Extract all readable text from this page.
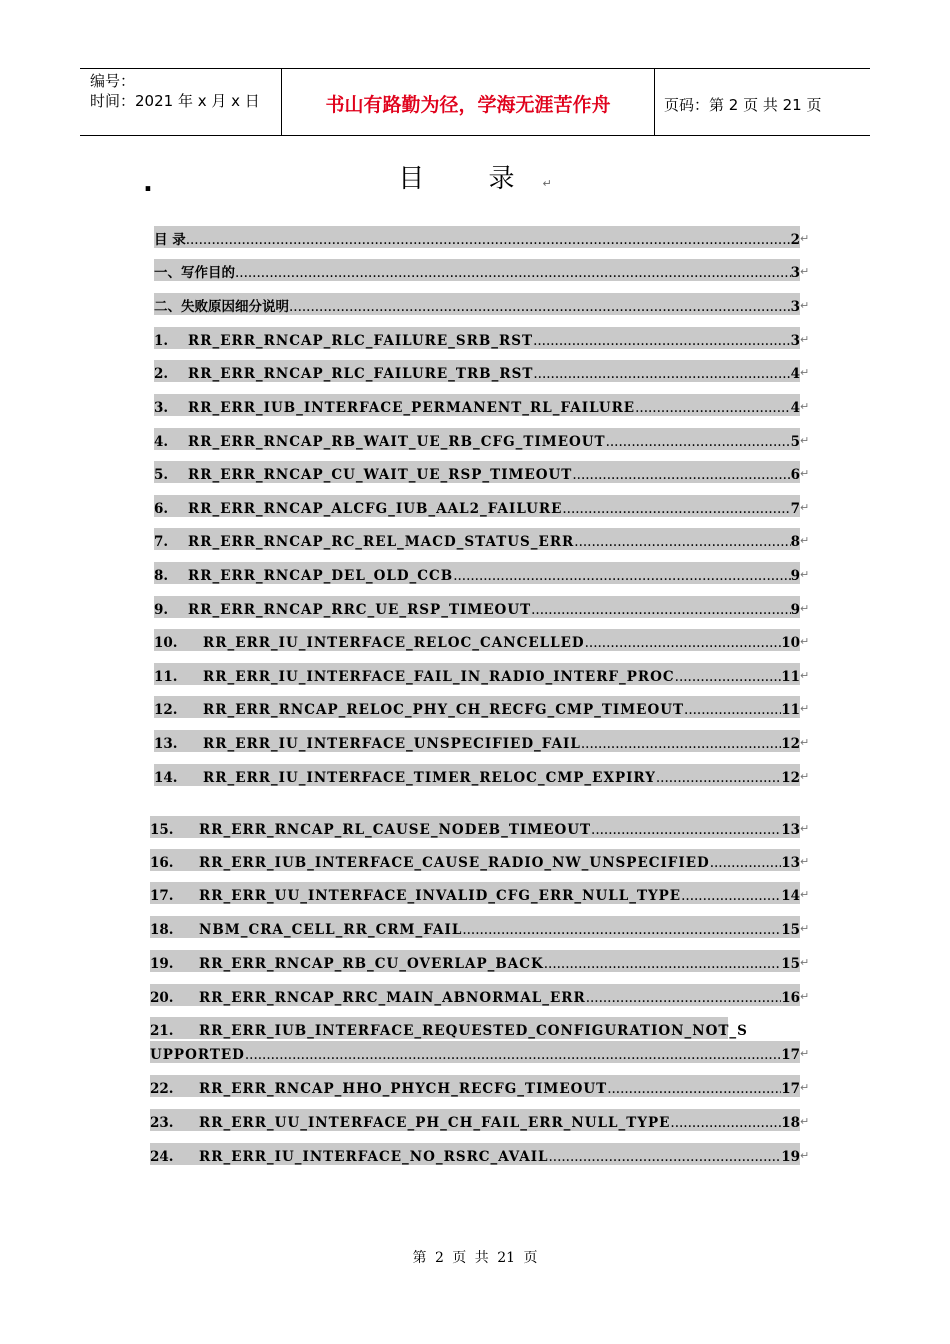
编号：
时间：2021 年 x 月 x 日	书山有路勤为径，学海无涯苦作舟	页码：第 2 页 共 21 页
.	目 录↵
目 录 .....	2 ↵
一、写作目的 .....	3 ↵
二、失败原因细分说明 .....	3 ↵
1.	RR_ERR_RNCAP_RLC_FAILURE_SRB_RST .....	3 ↵
2.	RR_ERR_RNCAP_RLC_FAILURE_TRB_RST .....	4 ↵
3.	RR_ERR_IUB_INTERFACE_PERMANENT_RL_FAILURE .....	4 ↵
4.	RR_ERR_RNCAP_RB_WAIT_UE_RB_CFG_TIMEOUT .....	5 ↵
5.	RR_ERR_RNCAP_CU_WAIT_UE_RSP_TIMEOUT .....	6 ↵
6.	RR_ERR_RNCAP_ALCFG_IUB_AAL2_FAILURE .....	7 ↵
7.	RR_ERR_RNCAP_RC_REL_MACD_STATUS_ERR .....	8 ↵
8.	RR_ERR_RNCAP_DEL_OLD_CCB .....	9 ↵
9.	RR_ERR_RNCAP_RRC_UE_RSP_TIMEOUT .....	9 ↵
10.	RR_ERR_IU_INTERFACE_RELOC_CANCELLED .....	10 ↵
11.	RR_ERR_IU_INTERFACE_FAIL_IN_RADIO_INTERF_PROC .....	11 ↵
12.	RR_ERR_RNCAP_RELOC_PHY_CH_RECFG_CMP_TIMEOUT .....	11 ↵
13.	RR_ERR_IU_INTERFACE_UNSPECIFIED_FAIL .....	12 ↵
14.	RR_ERR_IU_INTERFACE_TIMER_RELOC_CMP_EXPIRY .....	12 ↵
15.	RR_ERR_RNCAP_RL_CAUSE_NODEB_TIMEOUT .....	13 ↵
16.	RR_ERR_IUB_INTERFACE_CAUSE_RADIO_NW_UNSPECIFIED .....	13 ↵
17.	RR_ERR_UU_INTERFACE_INVALID_CFG_ERR_NULL_TYPE .....	14 ↵
18.	NBM_CRA_CELL_RR_CRM_FAIL .....	15 ↵
19.	RR_ERR_RNCAP_RB_CU_OVERLAP_BACK .....	15 ↵
20.	RR_ERR_RNCAP_RRC_MAIN_ABNORMAL_ERR .....	16 ↵
21.	RR_ERR_IUB_INTERFACE_REQUESTED_CONFIGURATION_NOT_S
UPPORTED .....	17 ↵
22.	RR_ERR_RNCAP_HHO_PHYCH_RECFG_TIMEOUT .....	17 ↵
23.	RR_ERR_UU_INTERFACE_PH_CH_FAIL_ERR_NULL_TYPE .....	18 ↵
24.	RR_ERR_IU_INTERFACE_NO_RSRC_AVAIL .....	19 ↵
第 2 页 共 21 页
